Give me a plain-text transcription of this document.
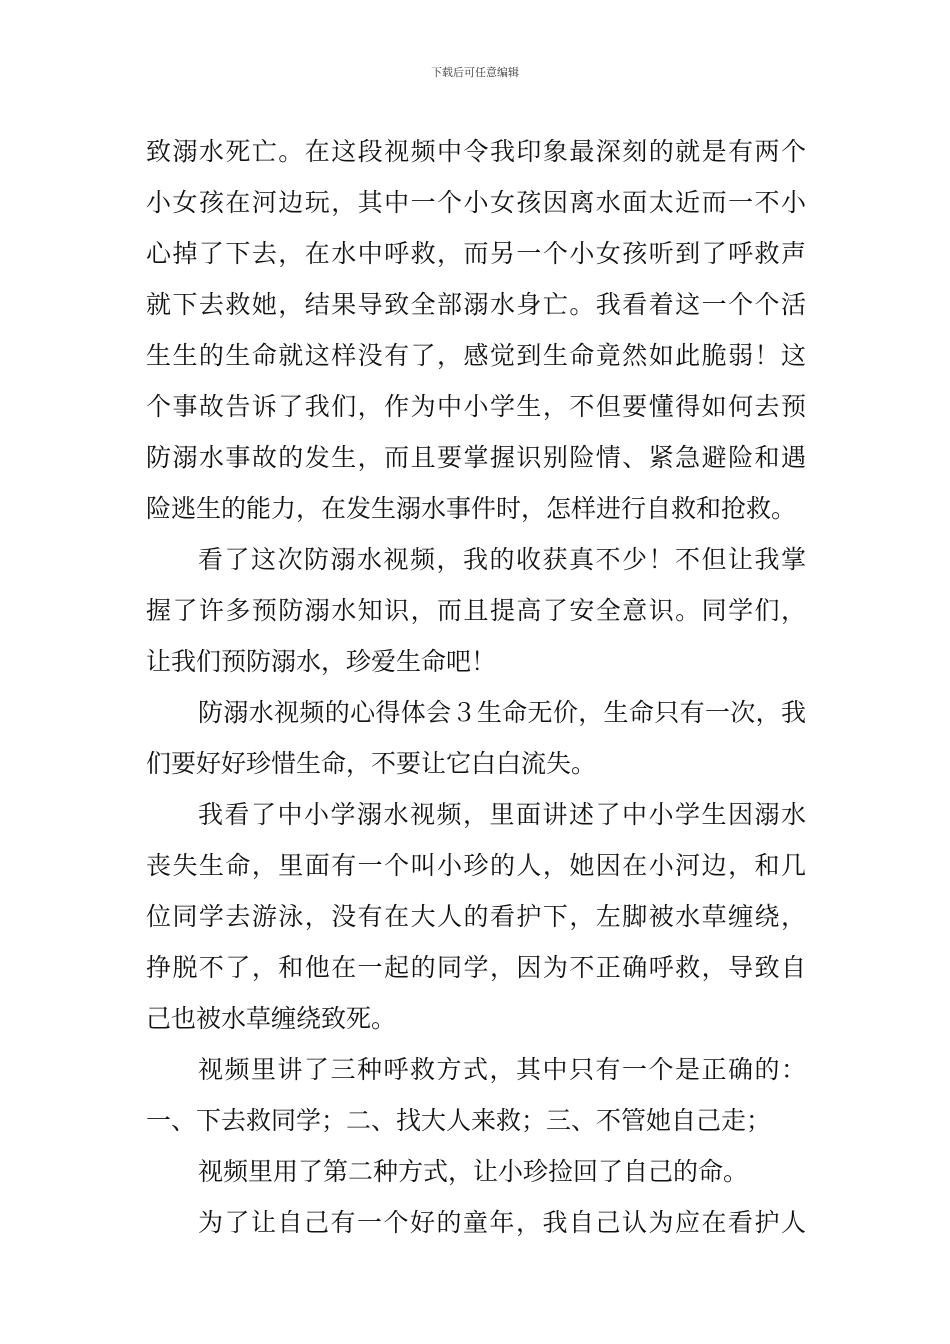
下载后可任意编辑
致溺水死亡。在这段视频中令我印象最深刻的就是有两个
小女孩在河边玩，其中一个小女孩因离水面太近而一不小
心掉了下去，在水中呼救，而另一个小女孩听到了呼救声
就下去救她，结果导致全部溺水身亡。我看着这一个个活
生生的生命就这样没有了，感觉到生命竟然如此脆弱！这
个事故告诉了我们，作为中小学生，不但要懂得如何去预
防溺水事故的发生，而且要掌握识别险情、紧急避险和遇
险逃生的能力，在发生溺水事件时，怎样进行自救和抢救。
看了这次防溺水视频，我的收获真不少！不但让我掌
握了许多预防溺水知识，而且提高了安全意识。同学们，
让我们预防溺水，珍爱生命吧！
防溺水视频的心得体会３生命无价，生命只有一次，我
们要好好珍惜生命，不要让它白白流失。
我看了中小学溺水视频，里面讲述了中小学生因溺水
丧失生命，里面有一个叫小珍的人，她因在小河边，和几
位同学去游泳，没有在大人的看护下，左脚被水草缠绕，
挣脱不了，和他在一起的同学，因为不正确呼救，导致自
己也被水草缠绕致死。
视频里讲了三种呼救方式，其中只有一个是正确的：
一、下去救同学；二、找大人来救；三、不管她自己走；
视频里用了第二种方式，让小珍捡回了自己的命。
为了让自己有一个好的童年，我自己认为应在看护人
